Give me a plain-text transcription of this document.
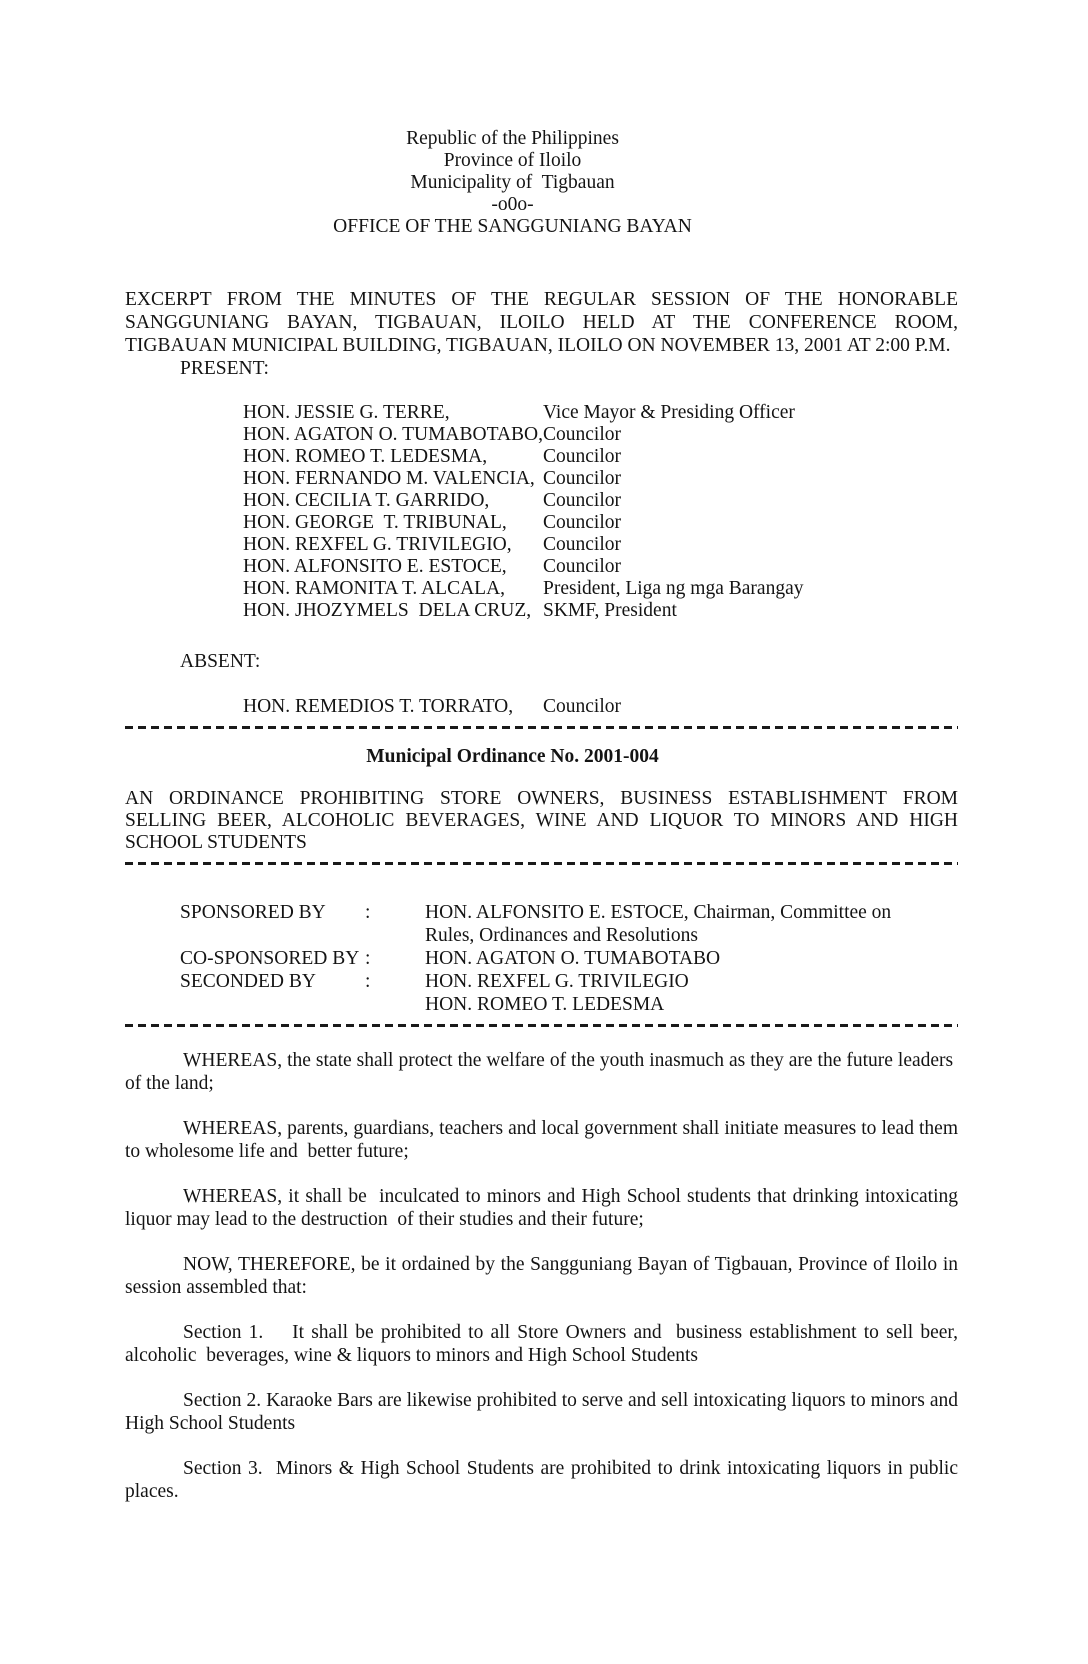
Republic of the Philippines
Province of Iloilo
Municipality of  Tigbauan
-o0o-
OFFICE OF THE SANGGUNIANG BAYAN

EXCERPT  FROM  THE  MINUTES  OF  THE  REGULAR  SESSION  OF  THE  HONORABLE SANGGUNIANG  BAYAN,  TIGBAUAN,  ILOILO  HELD  AT  THE  CONFERENCE  ROOM, TIGBAUAN MUNICIPAL BUILDING, TIGBAUAN, ILOILO ON NOVEMBER 13, 2001 AT 2:00 P.M.

PRESENT:
HON. JESSIE G. TERRE,	Vice Mayor & Presiding Officer
HON. AGATON O. TUMABOTABO, Councilor
HON. ROMEO T. LEDESMA,	Councilor
HON. FERNANDO M. VALENCIA, Councilor
HON. CECILIA T. GARRIDO,	Councilor
HON. GEORGE  T. TRIBUNAL,	Councilor
HON. REXFEL G. TRIVILEGIO,	Councilor
HON. ALFONSITO E. ESTOCE,	Councilor
HON. RAMONITA T. ALCALA,	President, Liga ng mga Barangay
HON. JHOZYMELS  DELA CRUZ, SKMF, President
ABSENT:
HON. REMEDIOS T. TORRATO,	Councilor
Municipal Ordinance No. 2001-004

AN  ORDINANCE  PROHIBITING  STORE  OWNERS,  BUSINESS  ESTABLISHMENT  FROM SELLING  BEER,  ALCOHOLIC  BEVERAGES,  WINE  AND  LIQUOR  TO  MINORS  AND  HIGH SCHOOL STUDENTS

SPONSORED BY	:	HON. ALFONSITO E. ESTOCE, Chairman, Committee on
Rules, Ordinances and Resolutions
CO-SPONSORED BY :	HON. AGATON O. TUMABOTABO
SECONDED BY	:	HON. REXFEL G. TRIVILEGIO
HON. ROMEO T. LEDESMA

WHEREAS, the state shall protect the welfare of the youth inasmuch as they are the future leaders  of the land;

WHEREAS, parents, guardians, teachers and local government shall initiate measures to lead them to wholesome life and  better future;

WHEREAS, it shall be  inculcated to minors and High School students that drinking intoxicating liquor may lead to the destruction  of their studies and their future;

NOW, THEREFORE, be it ordained by the Sangguniang Bayan of Tigbauan, Province of Iloilo in session assembled that:

Section 1.    It shall be prohibited to all Store Owners and  business establishment to sell beer, alcoholic  beverages, wine & liquors to minors and High School Students

Section 2. Karaoke Bars are likewise prohibited to serve and sell intoxicating liquors to minors and High School Students

Section 3.  Minors & High School Students are prohibited to drink intoxicating liquors in public places.
